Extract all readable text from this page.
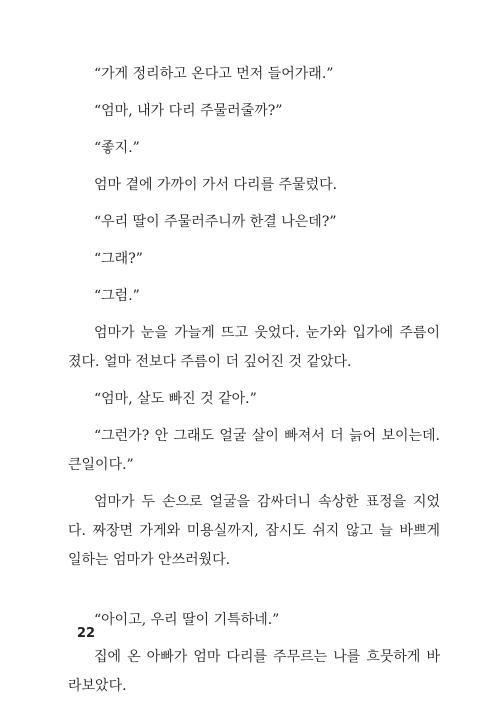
“가게 정리하고 온다고 먼저 들어가래.”

“엄마, 내가 다리 주물러줄까?”

“좋지.”

엄마 곁에 가까이 가서 다리를 주물렀다.

“우리 딸이 주물러주니까 한결 나은데?”

“그래?”

“그럼.”

엄마가 눈을 가늘게 뜨고 웃었다. 눈가와 입가에 주름이 졌다. 얼마 전보다 주름이 더 깊어진 것 같았다.

“엄마, 살도 빠진 것 같아.”

“그런가? 안 그래도 얼굴 살이 빠져서 더 늙어 보이는데. 큰일이다.”

엄마가 두 손으로 얼굴을 감싸더니 속상한 표정을 지었다. 짜장면 가게와 미용실까지, 잠시도 쉬지 않고 늘 바쁘게 일하는 엄마가 안쓰러웠다.

“아이고, 우리 딸이 기특하네.”

집에 온 아빠가 엄마 다리를 주무르는 나를 흐뭇하게 바라보았다.

22
